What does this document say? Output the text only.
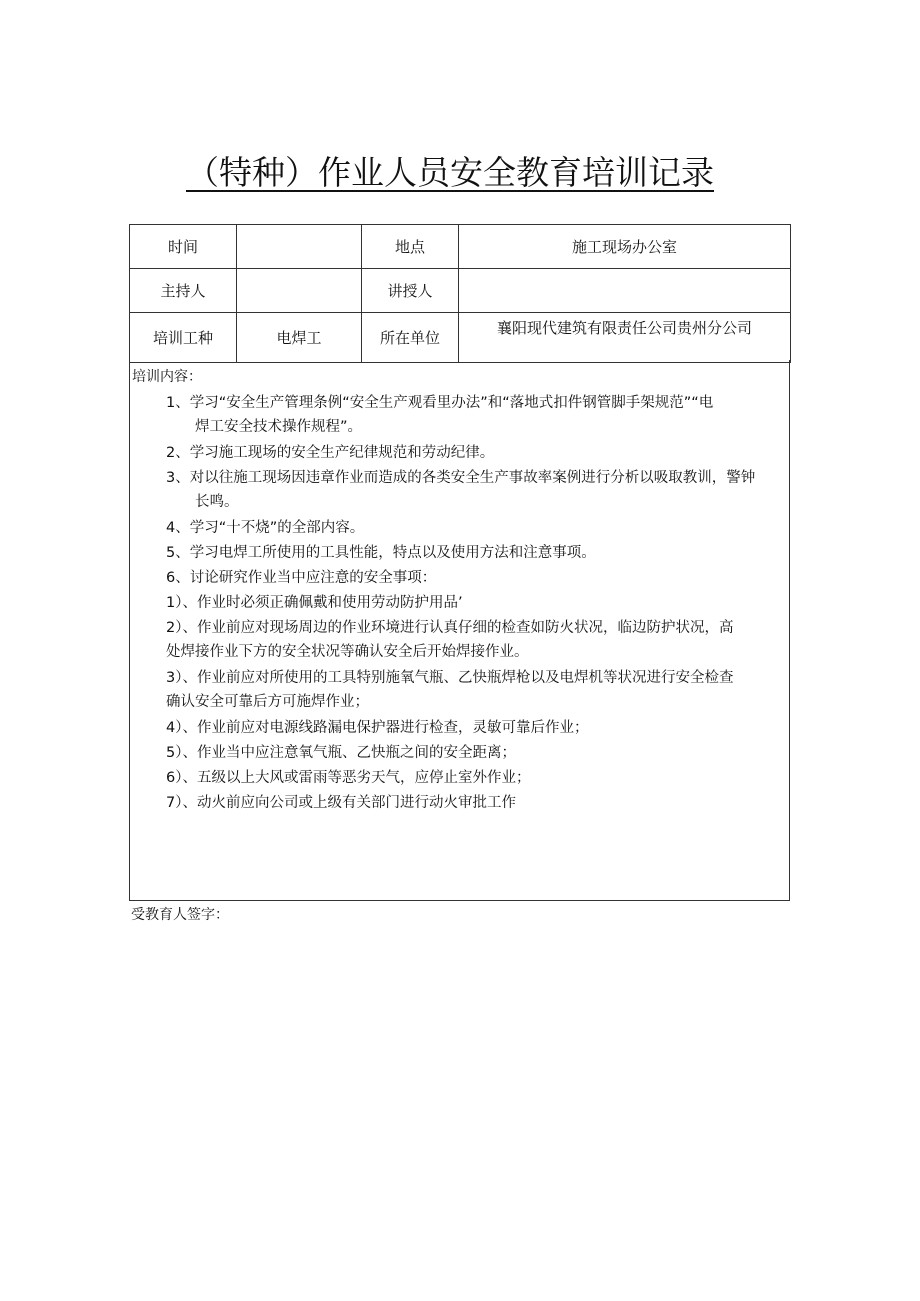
（特种）作业人员安全教育培训记录
时间		地点	施工现场办公室
主持人		讲授人	
培训工种	电焊工	所在单位	襄阳现代建筑有限责任公司贵州分公司
培训内容：
1、学习“安全生产管理条例“安全生产观看里办法”和“落地式扣件钢管脚手架规范”“电
焊工安全技术操作规程”。
2、学习施工现场的安全生产纪律规范和劳动纪律。
3、对以往施工现场因违章作业而造成的各类安全生产事故率案例进行分析以吸取教训，警钟
长鸣。
4、学习“十不烧”的全部内容。
5、学习电焊工所使用的工具性能，特点以及使用方法和注意事项。
6、讨论研究作业当中应注意的安全事项：
1）、作业时必须正确佩戴和使用劳动防护用品’
2）、作业前应对现场周边的作业环境进行认真仔细的检查如防火状况，临边防护状况，高
处焊接作业下方的安全状况等确认安全后开始焊接作业。
3）、作业前应对所使用的工具特别施氧气瓶、乙快瓶焊枪以及电焊机等状况进行安全检查
确认安全可靠后方可施焊作业；
4）、作业前应对电源线路漏电保护器进行检查，灵敏可靠后作业；
5）、作业当中应注意氧气瓶、乙快瓶之间的安全距离；
6）、五级以上大风或雷雨等恶劣天气，应停止室外作业；
7）、动火前应向公司或上级有关部门进行动火审批工作
受教育人签字：
